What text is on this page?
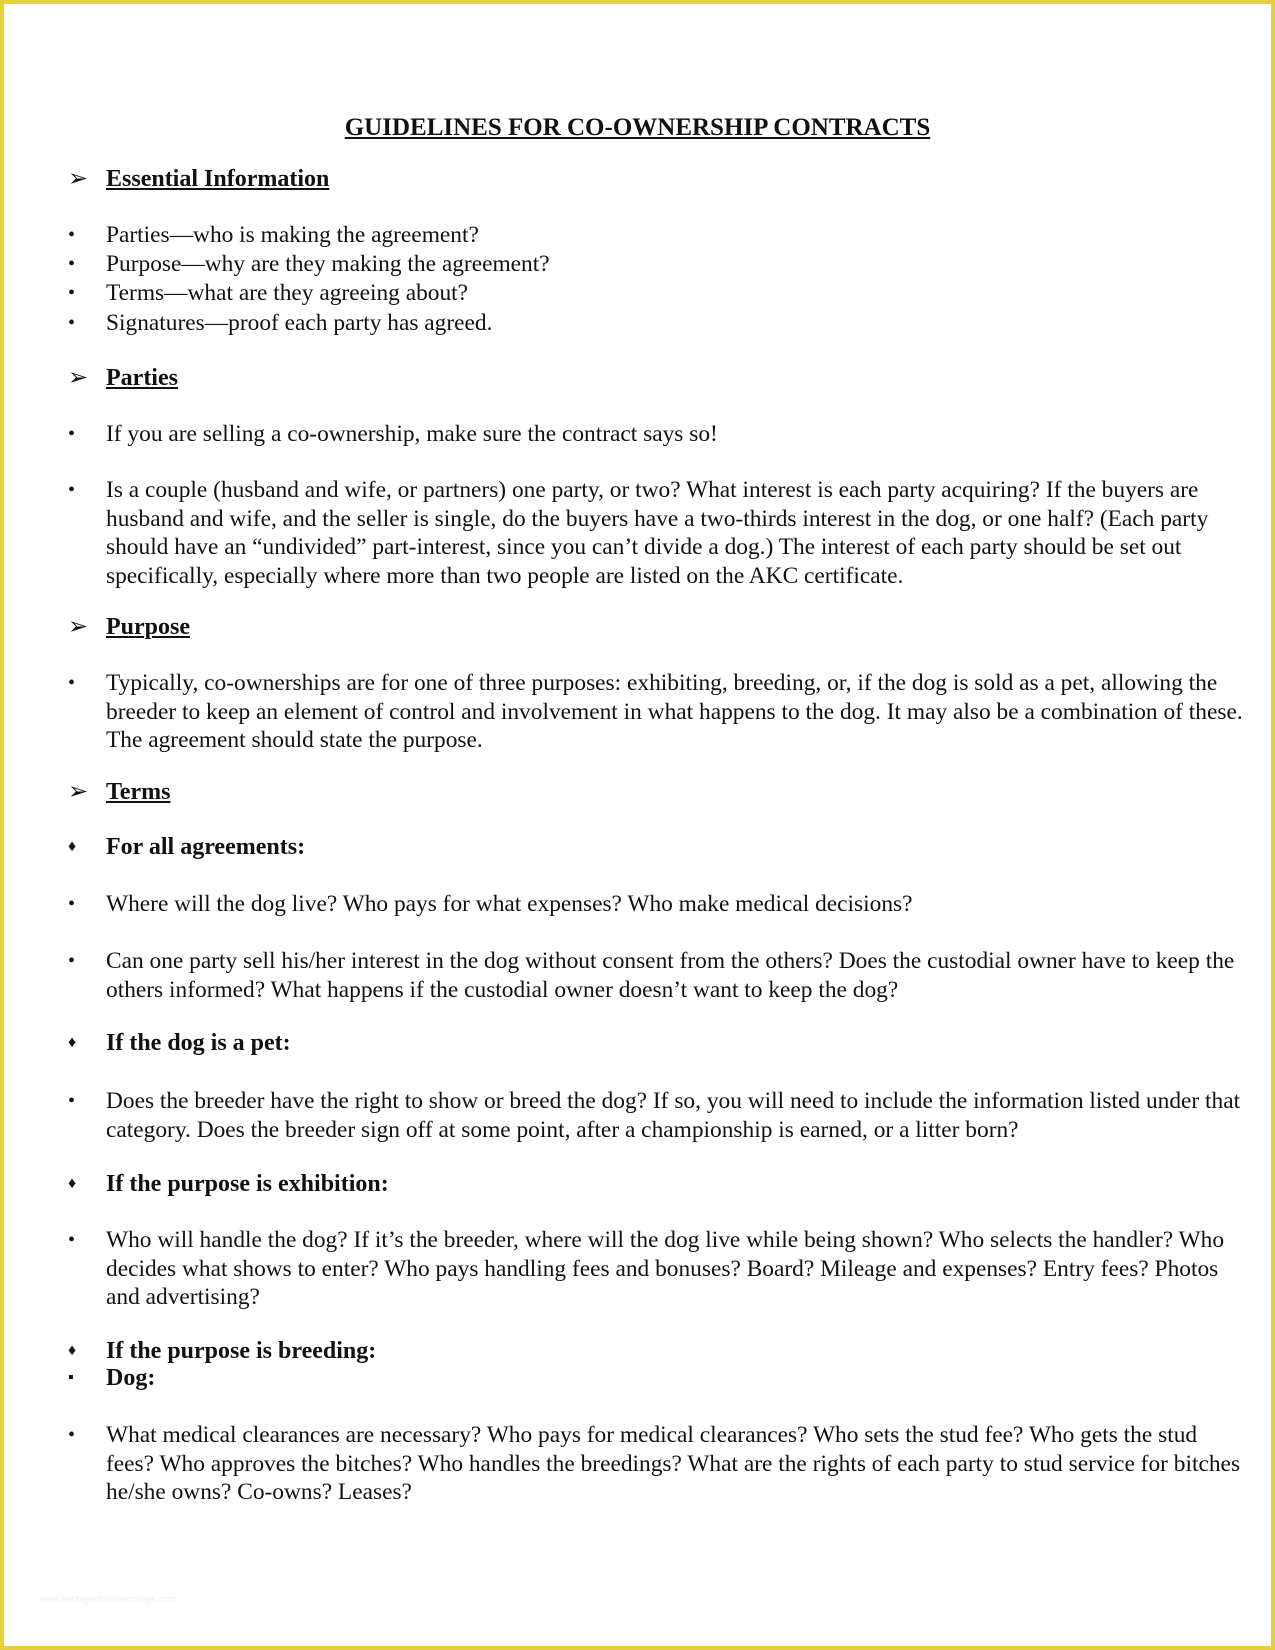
GUIDELINES FOR CO-OWNERSHIP CONTRACTS
➢ Essential Information
• Parties—who is making the agreement?
• Purpose—why are they making the agreement?
• Terms—what are they agreeing about?
• Signatures—proof each party has agreed.
➢ Parties
• If you are selling a co-ownership, make sure the contract says so!
• Is a couple (husband and wife, or partners) one party, or two? What interest is each party acquiring? If the buyers are husband and wife, and the seller is single, do the buyers have a two-thirds interest in the dog, or one half? (Each party should have an “undivided” part-interest, since you can’t divide a dog.) The interest of each party should be set out specifically, especially where more than two people are listed on the AKC certificate.
➢ Purpose
• Typically, co-ownerships are for one of three purposes: exhibiting, breeding, or, if the dog is sold as a pet, allowing the breeder to keep an element of control and involvement in what happens to the dog. It may also be a combination of these. The agreement should state the purpose.
➢ Terms
♦ For all agreements:
• Where will the dog live? Who pays for what expenses? Who make medical decisions?
• Can one party sell his/her interest in the dog without consent from the others? Does the custodial owner have to keep the others informed? What happens if the custodial owner doesn’t want to keep the dog?
♦ If the dog is a pet:
• Does the breeder have the right to show or breed the dog? If so, you will need to include the information listed under that category. Does the breeder sign off at some point, after a championship is earned, or a litter born?
♦ If the purpose is exhibition:
• Who will handle the dog? If it’s the breeder, where will the dog live while being shown? Who selects the handler? Who decides what shows to enter? Who pays handling fees and bonuses? Board? Mileage and expenses? Entry fees? Photos and advertising?
♦ If the purpose is breeding:
▪ Dog:
• What medical clearances are necessary? Who pays for medical clearances? Who sets the stud fee? Who gets the stud fees? Who approves the bitches? Who handles the breedings? What are the rights of each party to stud service for bitches he/she owns? Co-owns? Leases?
www.heritagechristiancollege.com
